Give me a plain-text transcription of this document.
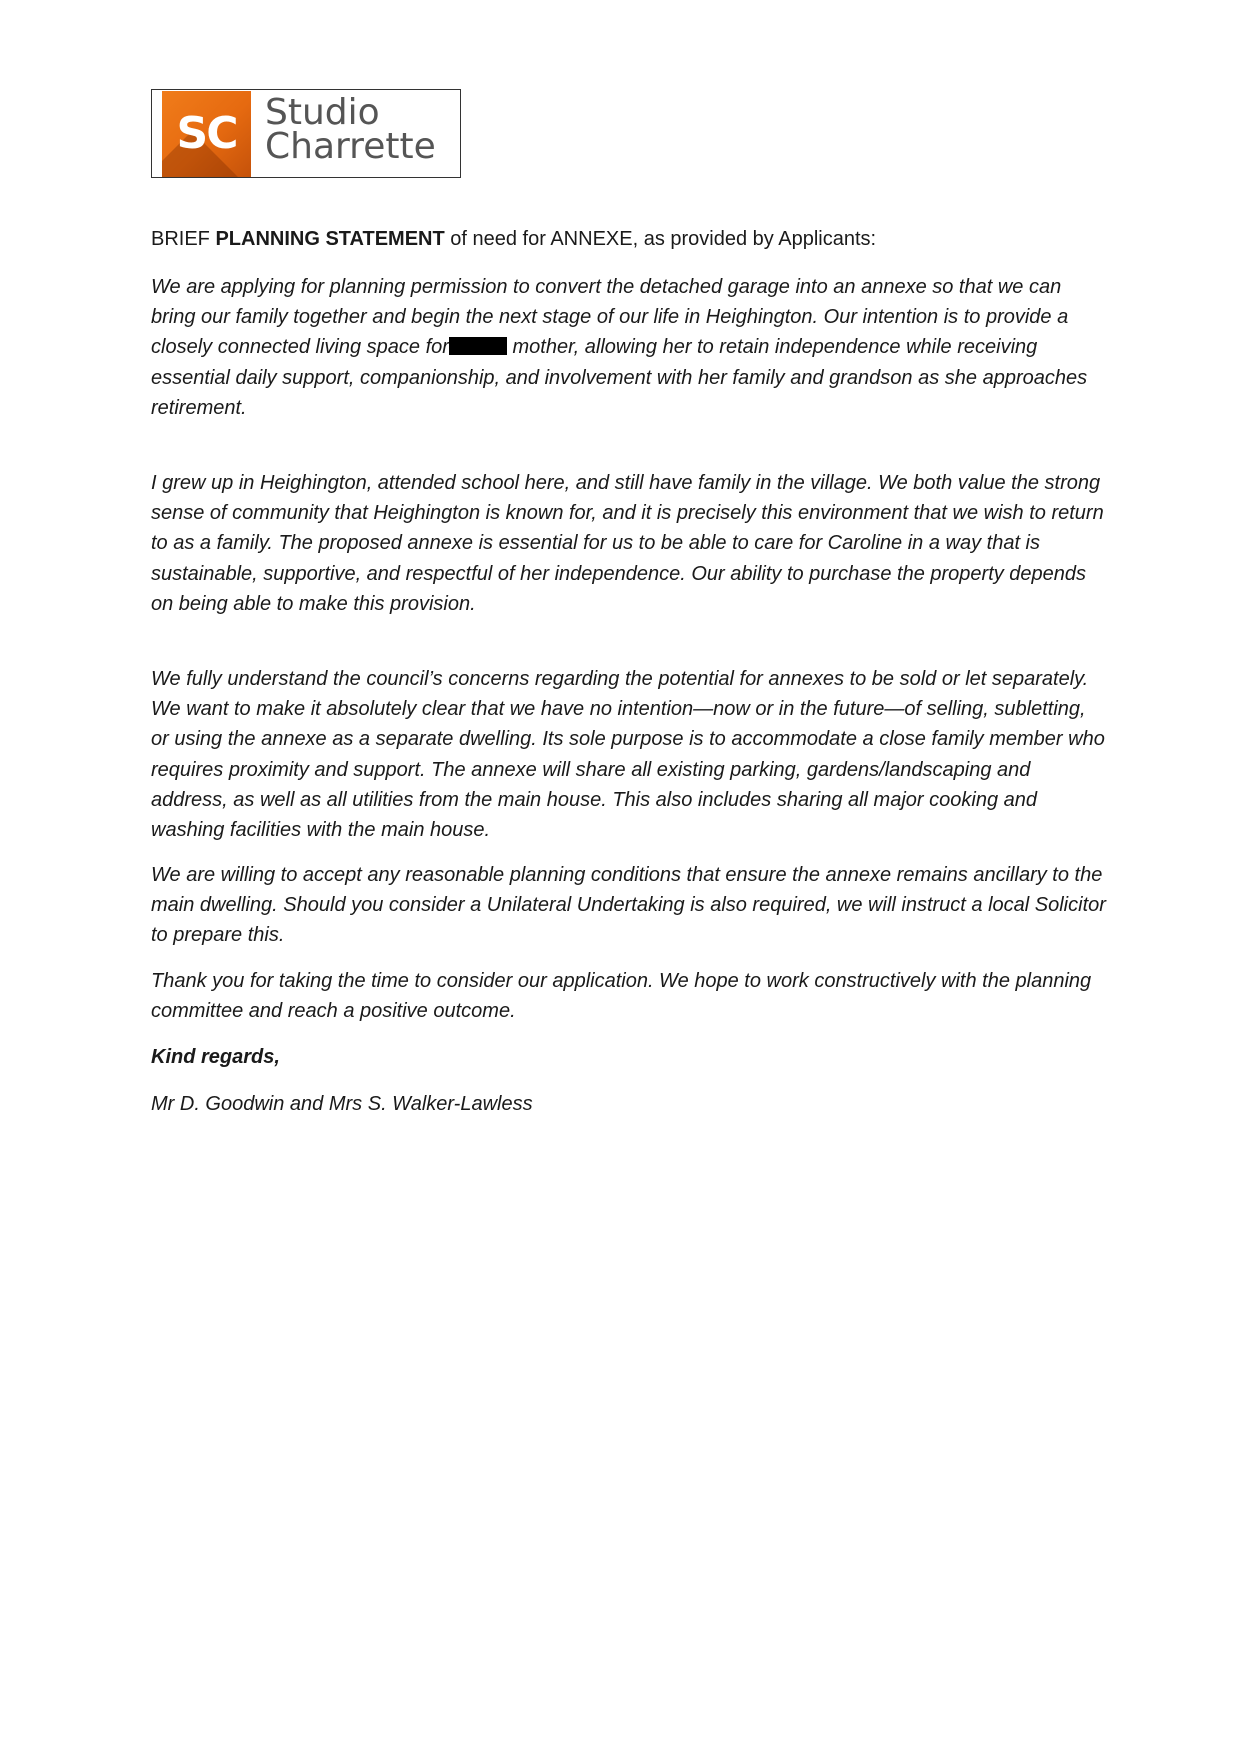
SC Studio
Charrette
BRIEF PLANNING STATEMENT of need for ANNEXE, as provided by Applicants:
We are applying for planning permission to convert the detached garage into an annexe so that we can bring our family together and begin the next stage of our life in Heighington. Our intention is to provide a closely connected living space for	mother, allowing her to retain independence while receiving essential daily support, companionship, and involvement with her family and grandson as she approaches retirement.
I grew up in Heighington, attended school here, and still have family in the village. We both value the strong sense of community that Heighington is known for, and it is precisely this environment that we wish to return to as a family. The proposed annexe is essential for us to be able to care for Caroline in a way that is sustainable, supportive, and respectful of her independence. Our ability to purchase the property depends on being able to make this provision.
We fully understand the council’s concerns regarding the potential for annexes to be sold or let separately. We want to make it absolutely clear that we have no intention—now or in the future—of selling, subletting, or using the annexe as a separate dwelling. Its sole purpose is to accommodate a close family member who requires proximity and support. The annexe will share all existing parking, gardens/landscaping and address, as well as all utilities from the main house. This also includes sharing all major cooking and washing facilities with the main house.
We are willing to accept any reasonable planning conditions that ensure the annexe remains ancillary to the main dwelling. Should you consider a Unilateral Undertaking is also required, we will instruct a local Solicitor to prepare this.
Thank you for taking the time to consider our application. We hope to work constructively with the planning committee and reach a positive outcome.
Kind regards,
Mr D. Goodwin and Mrs S. Walker-Lawless
